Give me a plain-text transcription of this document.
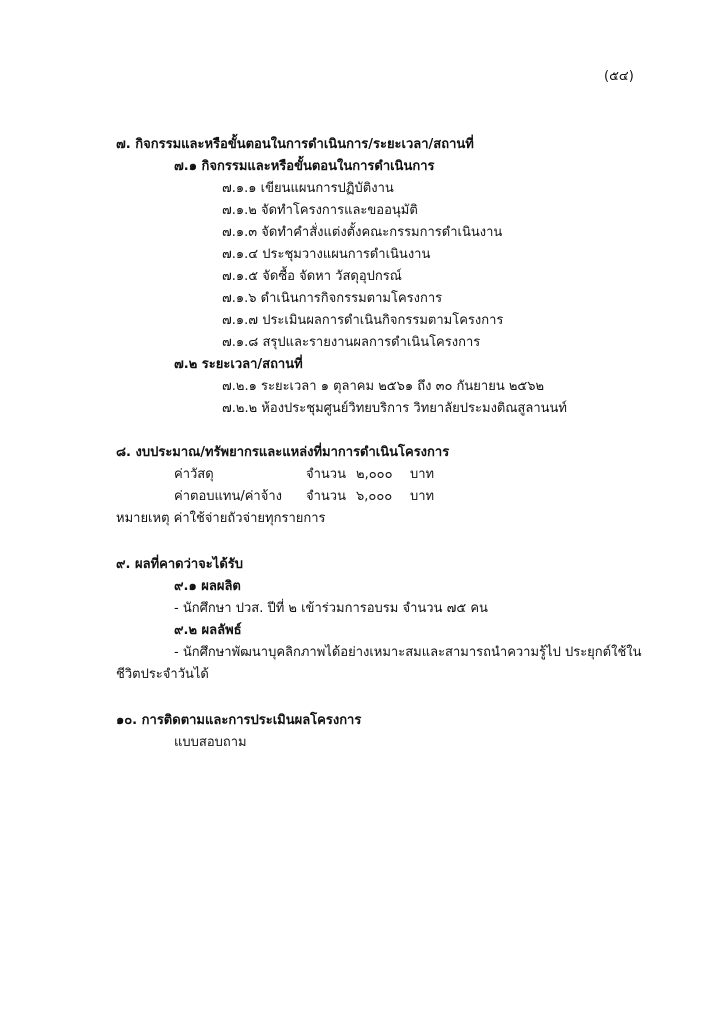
(๕๔)
๗. กิจกรรมและหรือขั้นตอนในการดำเนินการ/ระยะเวลา/สถานที่
๗.๑ กิจกรรมและหรือขั้นตอนในการดำเนินการ
๗.๑.๑ เขียนแผนการปฏิบัติงาน
๗.๑.๒ จัดทำโครงการและขออนุมัติ
๗.๑.๓ จัดทำคำสั่งแต่งตั้งคณะกรรมการดำเนินงาน
๗.๑.๔ ประชุมวางแผนการดำเนินงาน
๗.๑.๕ จัดซื้อ จัดหา วัสดุอุปกรณ์
๗.๑.๖ ดำเนินการกิจกรรมตามโครงการ
๗.๑.๗ ประเมินผลการดำเนินกิจกรรมตามโครงการ
๗.๑.๘ สรุปและรายงานผลการดำเนินโครงการ
๗.๒ ระยะเวลา/สถานที่
๗.๒.๑ ระยะเวลา ๑ ตุลาคม ๒๕๖๑ ถึง ๓๐ กันยายน ๒๕๖๒
๗.๒.๒ ห้องประชุมศูนย์วิทยบริการ วิทยาลัยประมงติณสูลานนท์
๘. งบประมาณ/ทรัพยากรและแหล่งที่มาการดำเนินโครงการ
ค่าวัสดุ	จำนวน ๒,๐๐๐ บาท
ค่าตอบแทน/ค่าจ้าง จำนวน ๖,๐๐๐ บาท
หมายเหตุ ค่าใช้จ่ายถัวจ่ายทุกรายการ
๙. ผลที่คาดว่าจะได้รับ
๙.๑ ผลผลิต
- นักศึกษา ปวส. ปีที่ ๒ เข้าร่วมการอบรม จำนวน ๗๕ คน
๙.๒ ผลลัพธ์
- นักศึกษาพัฒนาบุคลิกภาพได้อย่างเหมาะสมและสามารถนำความรู้ไป ประยุกต์ใช้ใน
ชีวิตประจำวันได้
๑๐. การติดตามและการประเมินผลโครงการ
แบบสอบถาม
